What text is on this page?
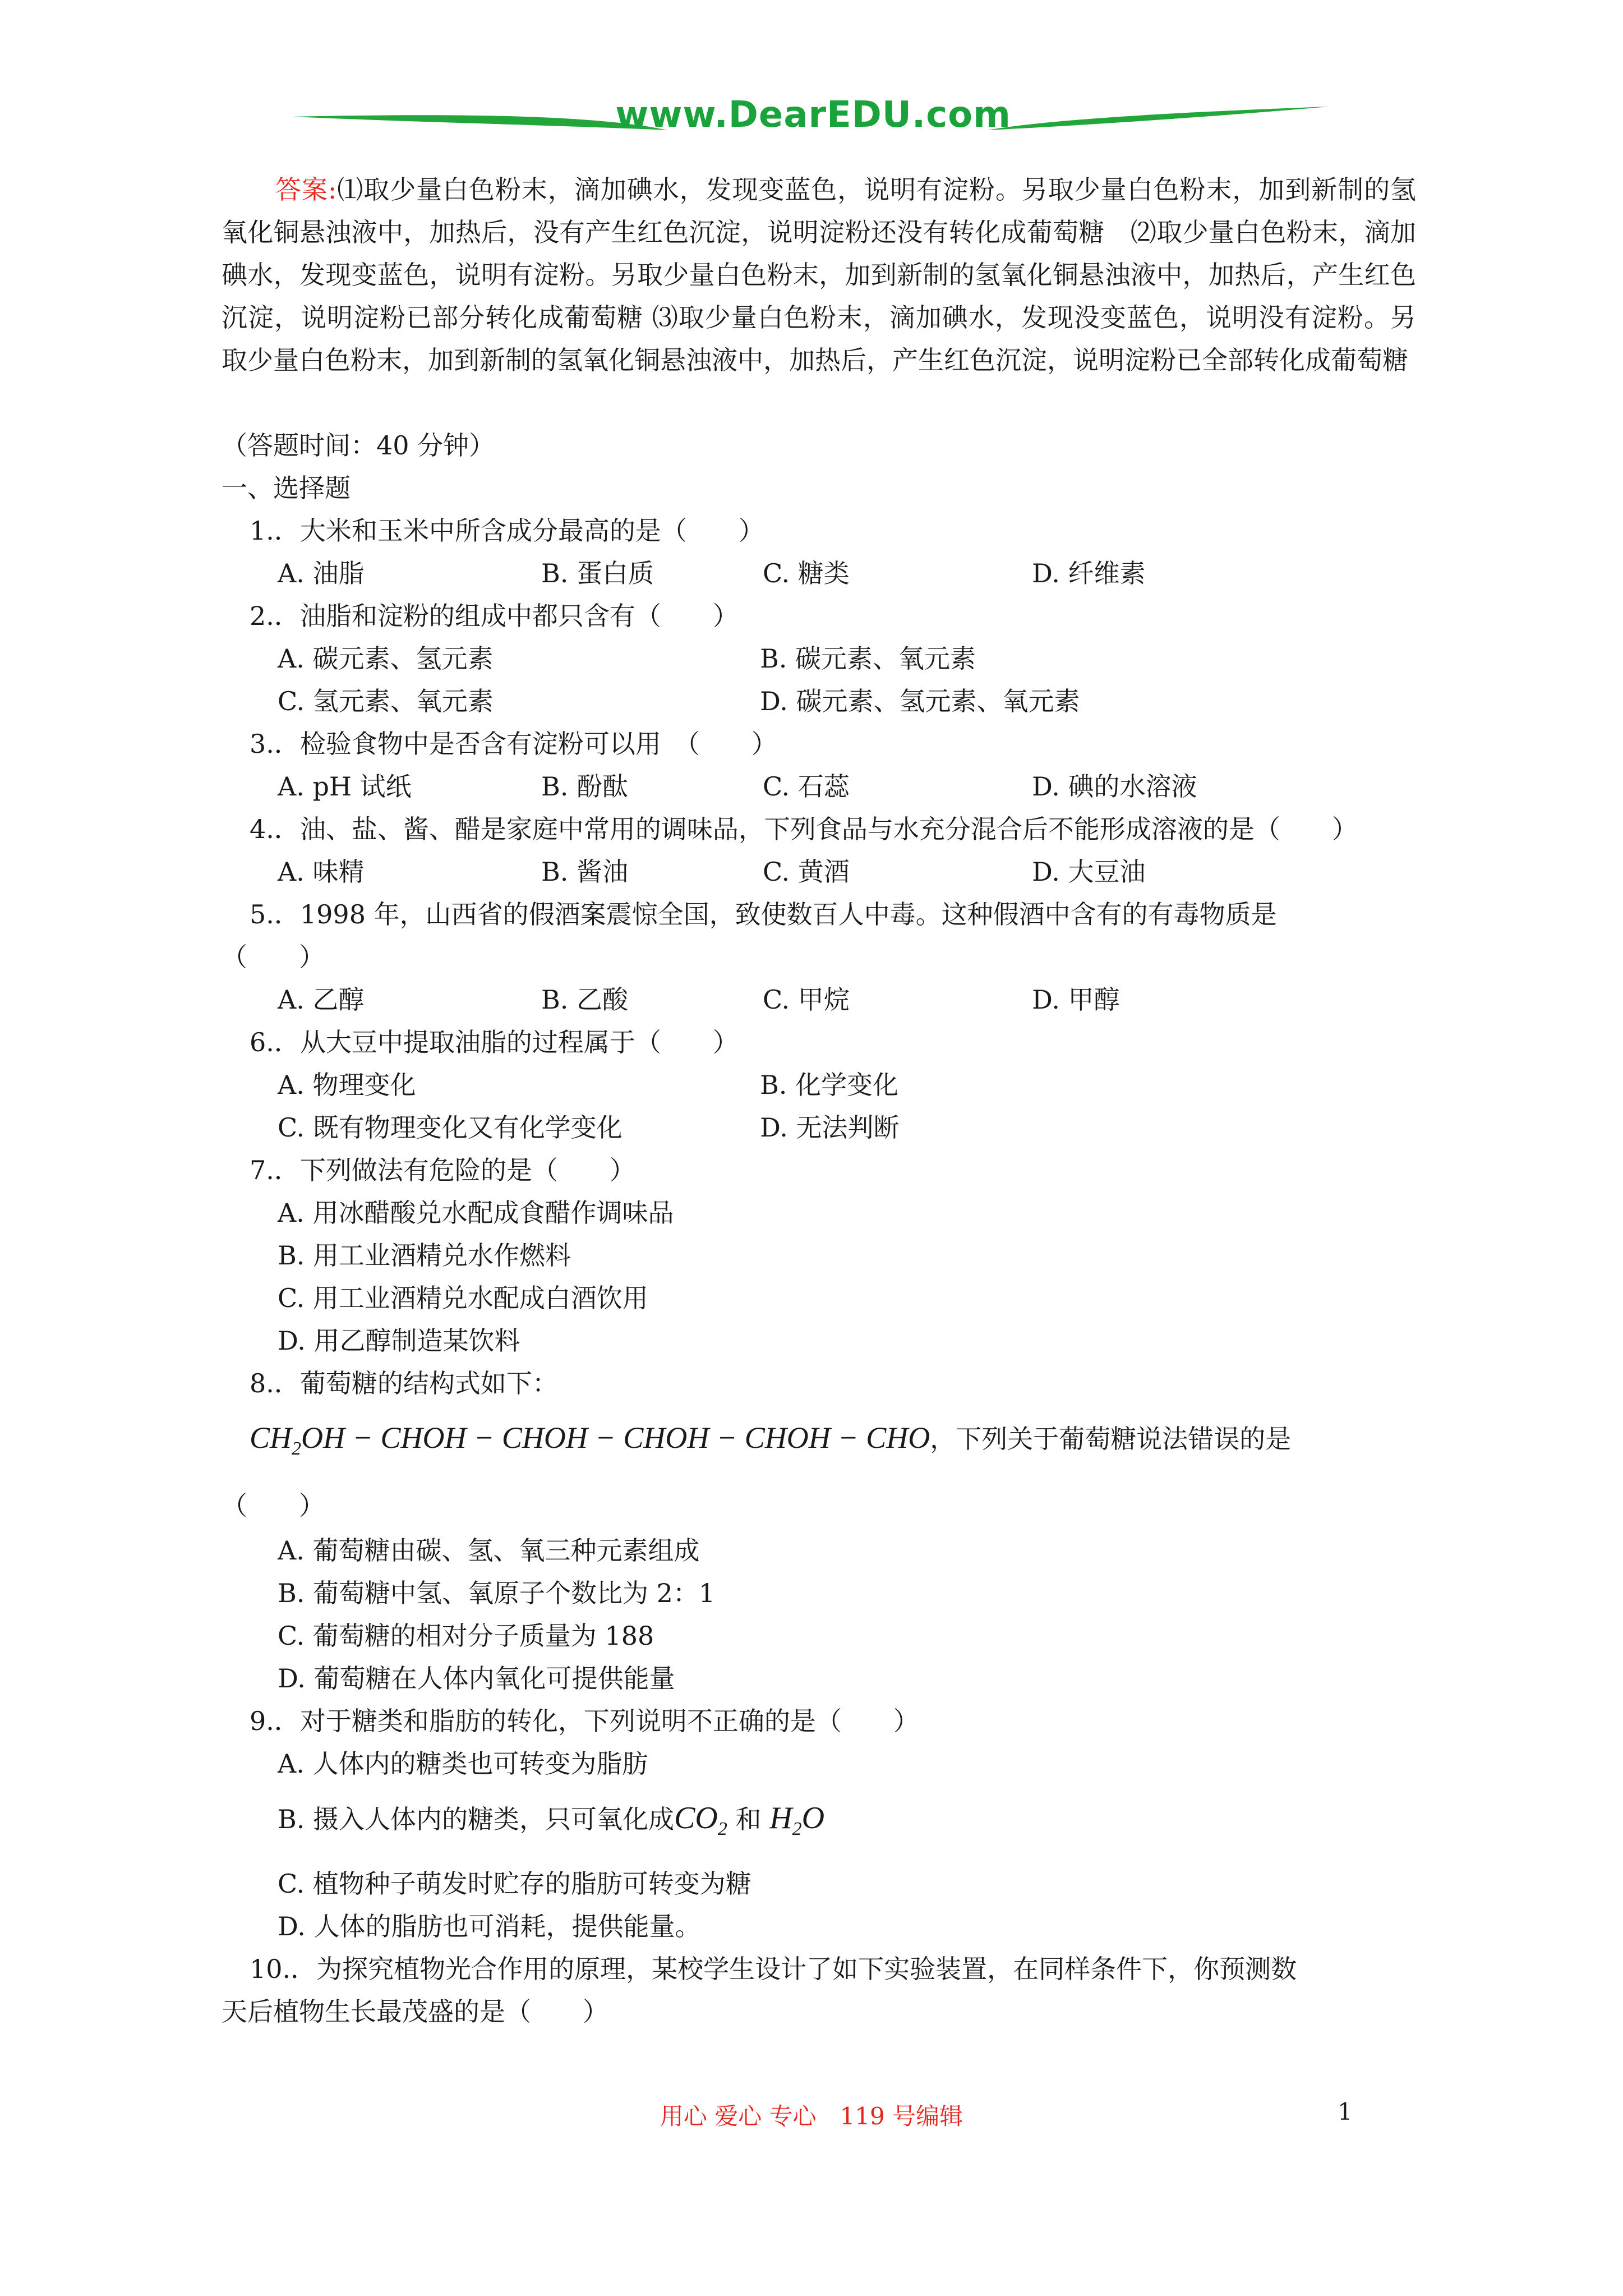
www.DearEDU.com
答案:⑴取少量白色粉末，滴加碘水，发现变蓝色，说明有淀粉。另取少量白色粉末，加到新制的氢氧化铜悬浊液中，加热后，没有产生红色沉淀，说明淀粉还没有转化成葡萄糖　⑵取少量白色粉末，滴加碘水，发现变蓝色，说明有淀粉。另取少量白色粉末，加到新制的氢氧化铜悬浊液中，加热后，产生红色沉淀，说明淀粉已部分转化成葡萄糖 ⑶取少量白色粉末，滴加碘水，发现没变蓝色，说明没有淀粉。另取少量白色粉末，加到新制的氢氧化铜悬浊液中，加热后，产生红色沉淀，说明淀粉已全部转化成葡萄糖
（答题时间：40 分钟）
一、选择题
1.．大米和玉米中所含成分最高的是（　　）
A. 油脂	B. 蛋白质	C. 糖类	D. 纤维素
2.．油脂和淀粉的组成中都只含有（　　）
A. 碳元素、氢元素	B. 碳元素、氧元素
C. 氢元素、氧元素	D. 碳元素、氢元素、氧元素
3.．检验食物中是否含有淀粉可以用　（　　）
A. pH 试纸	B. 酚酞	C. 石蕊	D. 碘的水溶液
4.．油、盐、酱、醋是家庭中常用的调味品，下列食品与水充分混合后不能形成溶液的是（　　）
A. 味精	B. 酱油	C. 黄酒	D. 大豆油
5.．1998 年，山西省的假酒案震惊全国，致使数百人中毒。这种假酒中含有的有毒物质是
（　　）
A. 乙醇	B. 乙酸	C. 甲烷	D. 甲醇
6.．从大豆中提取油脂的过程属于（　　）
A. 物理变化	B. 化学变化
C. 既有物理变化又有化学变化	D. 无法判断
7.．下列做法有危险的是（　　）
A. 用冰醋酸兑水配成食醋作调味品
B. 用工业酒精兑水作燃料
C. 用工业酒精兑水配成白酒饮用
D. 用乙醇制造某饮料
8.．葡萄糖的结构式如下：
$CH_2OH$ − CHOH − CHOH − CHOH − CHOH − CHO，下列关于葡萄糖说法错误的是
（　　）
A. 葡萄糖由碳、氢、氧三种元素组成
B. 葡萄糖中氢、氧原子个数比为 2：1
C. 葡萄糖的相对分子质量为 188
D. 葡萄糖在人体内氧化可提供能量
9.．对于糖类和脂肪的转化，下列说明不正确的是（　　）
A. 人体内的糖类也可转变为脂肪
B. 摄入人体内的糖类，只可氧化成$CO_2$ 和 $H_2O$
C. 植物种子萌发时贮存的脂肪可转变为糖
D. 人体的脂肪也可消耗，提供能量。
10.．为探究植物光合作用的原理，某校学生设计了如下实验装置，在同样条件下，你预测数
天后植物生长最茂盛的是（　　）
用心 爱心 专心　119 号编辑	1
